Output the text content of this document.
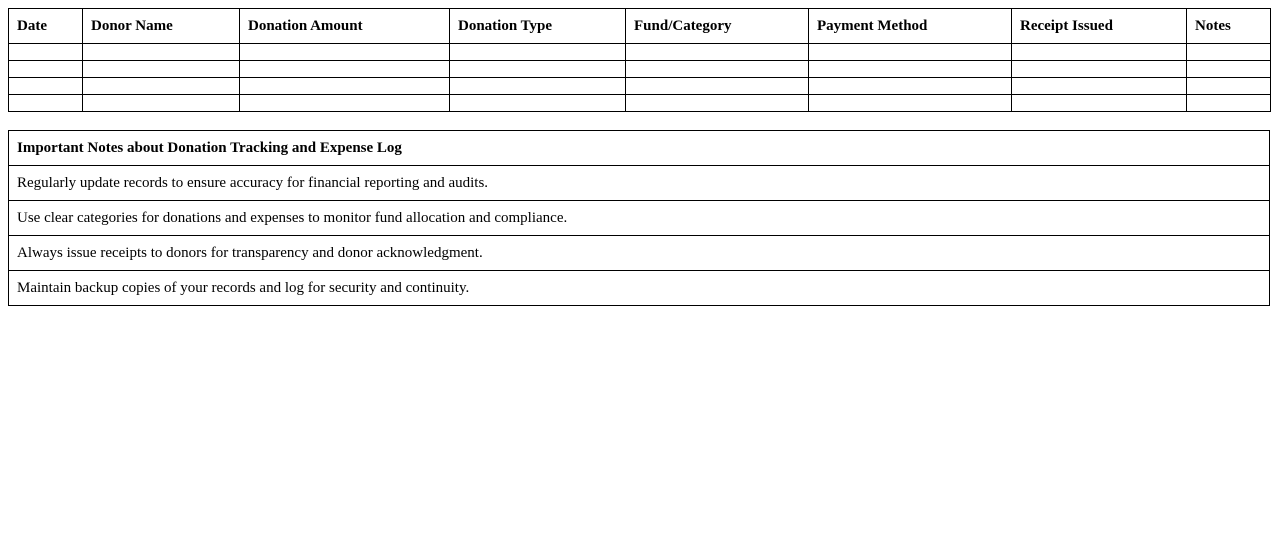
Date	Donor Name	Donation Amount	Donation Type	Fund/Category	Payment Method	Receipt Issued	Notes

Important Notes about Donation Tracking and Expense Log
Regularly update records to ensure accuracy for financial reporting and audits.
Use clear categories for donations and expenses to monitor fund allocation and compliance.
Always issue receipts to donors for transparency and donor acknowledgment.
Maintain backup copies of your records and log for security and continuity.
